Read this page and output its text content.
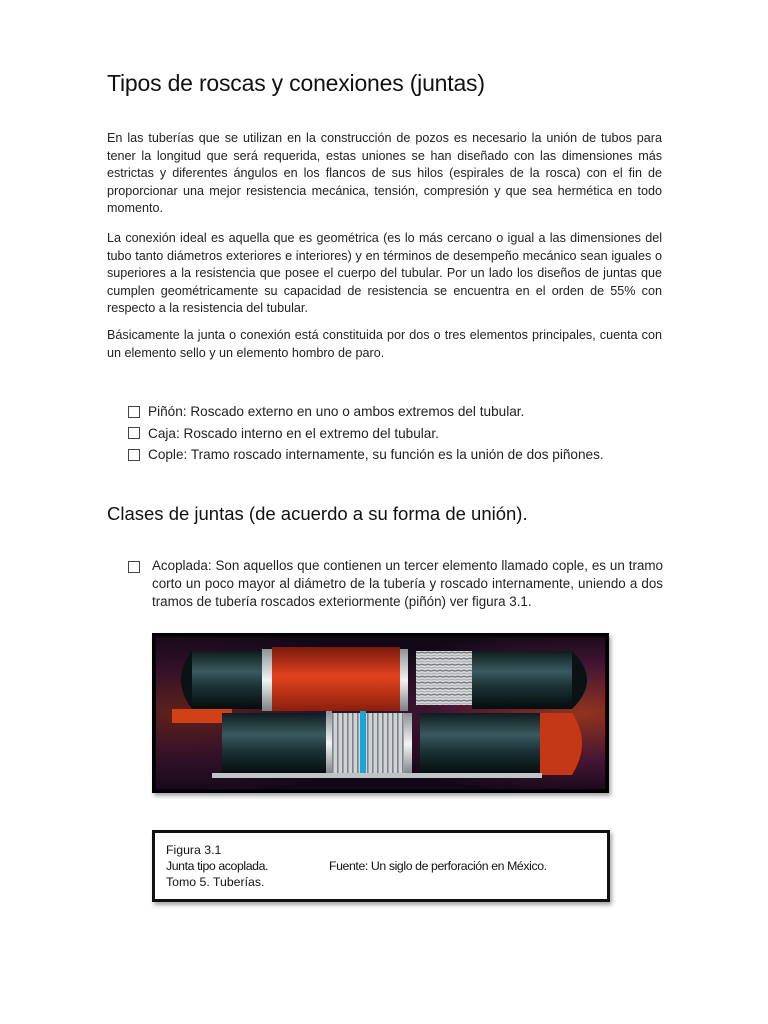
Tipos de roscas y conexiones (juntas)

En las tuberías que se utilizan en la construcción de pozos es necesario la unión de tubos para tener la longitud que será requerida, estas uniones se han diseñado con las dimensiones más estrictas y diferentes ángulos en los flancos de sus hilos (espirales de la rosca) con el fin de proporcionar una mejor resistencia mecánica, tensión, compresión y que sea hermética en todo momento.

La conexión ideal es aquella que es geométrica (es lo más cercano o igual a las dimensiones del tubo tanto diámetros exteriores e interiores) y en términos de desempeño mecánico sean iguales o superiores a la resistencia que posee el cuerpo del tubular. Por un lado los diseños de juntas que cumplen geométricamente su capacidad de resistencia se encuentra en el orden de 55% con respecto a la resistencia del tubular.

Básicamente la junta o conexión está constituida por dos o tres elementos principales, cuenta con un elemento sello y un elemento hombro de paro.

Piñón: Roscado externo en uno o ambos extremos del tubular.
Caja: Roscado interno en el extremo del tubular.
Cople: Tramo roscado internamente, su función es la unión de dos piñones.
Clases de juntas (de acuerdo a su forma de unión).

Acoplada: Son aquellos que contienen un tercer elemento llamado cople, es un tramo corto un poco mayor al diámetro de la tubería y roscado internamente, uniendo a dos tramos de tubería roscados exteriormente (piñón) ver figura 3.1.

Figura 3.1
Junta tipo acoplada.	Fuente: Un siglo de perforación en México.
Tomo 5. Tuberías.
